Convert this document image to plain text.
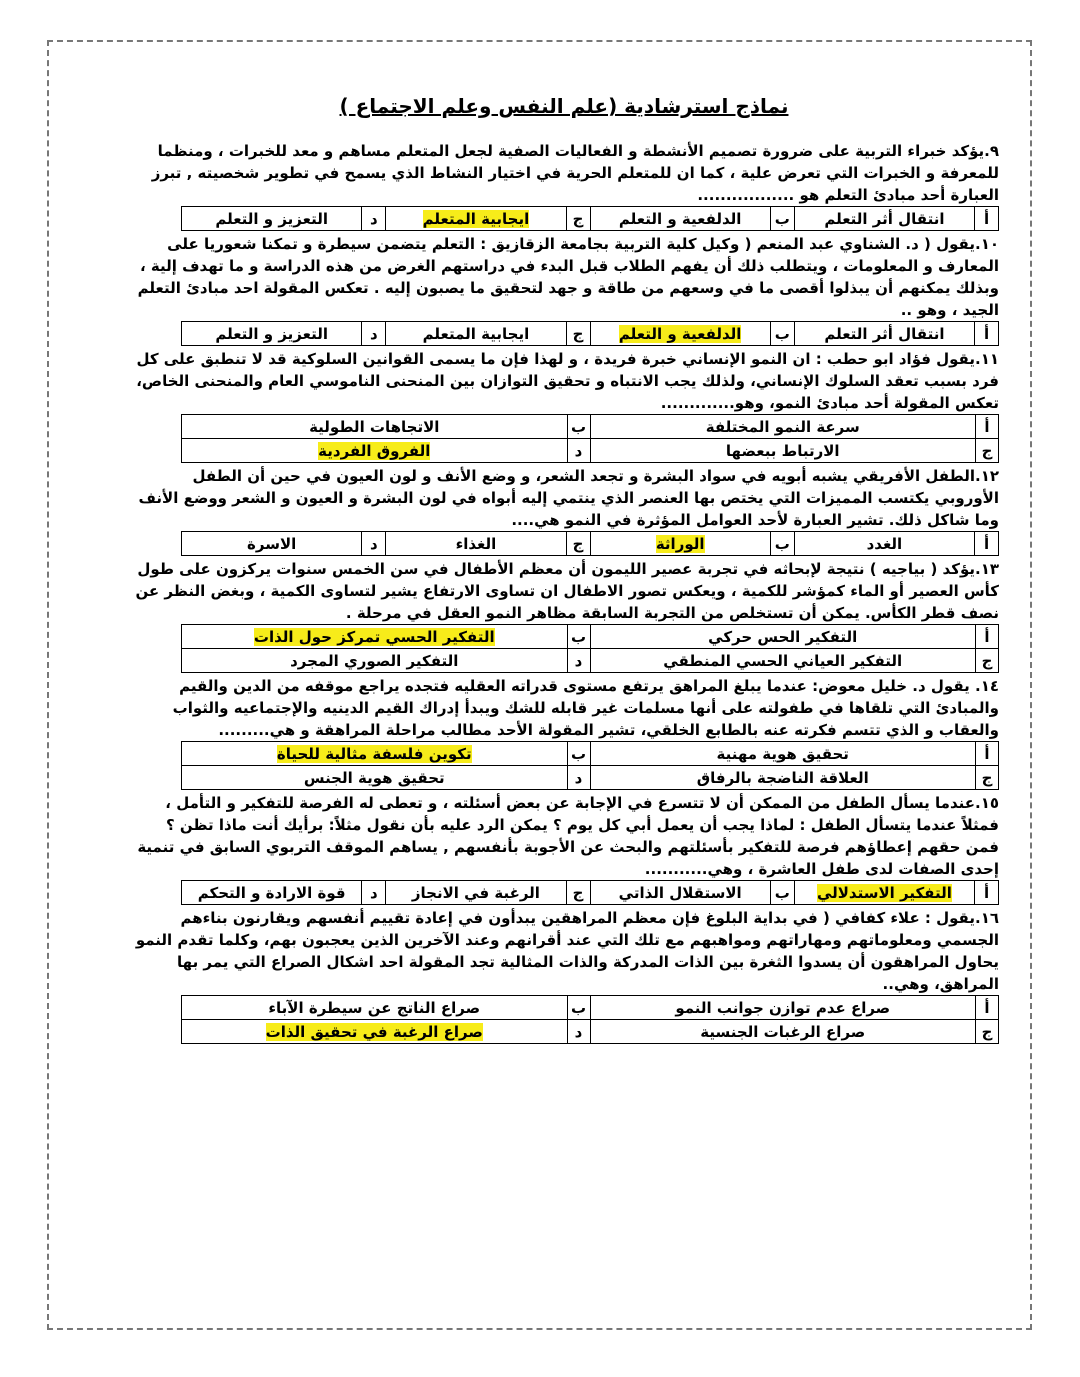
نماذج استرشادية (علم النفس وعلم الاجتماع )

٩.يؤكد خبراء التربية على ضرورة تصميم الأنشطة و الفعاليات الصفية لجعل المتعلم مساهم و معد للخبرات ، ومنظما للمعرفة و الخبرات التي تعرض علية ، كما ان للمتعلم الحرية في اختيار النشاط الذي يسمح في تطوير شخصيته , تبرز العبارة أحد مبادئ التعلم هو .................

أ	انتقال أثر التعلم	ب	الدلفعية و التعلم	ج	ايجابية المتعلم	د	التعزيز و التعلم

١٠.يقول ( د. الشناوي عبد المنعم ( وكيل كلية التربية بجامعة الزقازيق : التعلم يتضمن سيطرة و تمكنا شعوريا على المعارف و المعلومات ، ويتطلب ذلك أن يفهم الطلاب قبل البدء في دراستهم الغرض من هذه الدراسة و ما تهدف إلية ، وبذلك يمكنهم أن يبذلوا أقصى ما في وسعهم من طاقة و جهد لتحقيق ما يصبون إليه . تعكس المقولة احد مبادئ التعلم الجيد ، وهو ..

أ	انتقال أثر التعلم	ب	الدلفعية و التعلم	ج	ايجابية المتعلم	د	التعزيز و التعلم

١١.يقول فؤاد ابو حطب : ان النمو الإنساني خبرة فريدة ، و لهذا فإن ما يسمى القوانين السلوكية قد لا تنطبق على كل فرد بسبب تعقد السلوك الإنساني، ولذلك يجب الانتباه و تحقيق التوازان بين المنحنى الناموسي العام والمنحنى الخاص، تعكس المقولة أحد مبادئ النمو، وهو.............

أ	سرعة النمو المختلفة	ب	الاتجاهات الطولية
ج	الارتباط ببعضها	د	الفروق الفردية

١٢.الطفل الأفريقي يشبه أبويه في سواد البشرة و تجعد الشعر، و وضع الأنف و لون العيون في حين أن الطفل الأوروبي يكتسب المميزات التي يختص بها العنصر الذي ينتمي إليه أبواه في لون البشرة و العيون و الشعر ووضع الأنف وما شاكل ذلك. تشير العبارة لأحد العوامل المؤثرة في النمو هي....

أ	الغدد	ب	الوراثة	ج	الغذاء	د	الاسرة

١٣.يؤكد ( بياجيه ) نتيجة لإبحاثه في تجربة عصير الليمون أن معظم الأطفال في سن الخمس سنوات يركزون على طول كأس العصير أو الماء كمؤشر للكمية ، ويعكس تصور الاطفال ان تساوى الارتفاع يشير لتساوى الكمية ، وبغض النظر عن نصف قطر الكأس. يمكن أن تستخلص من التجربة السابقة مظاهر النمو العقل في مرحلة .

أ	التفكير الحس حركي	ب	التفكير الحسي تمركز حول الذات
ج	التفكير العياني الحسي المنطقي	د	التفكير الصوري المجرد

١٤. يقول د. خليل معوض: عندما يبلغ المراهق يرتفع مستوى قدراته العقليه فتجده يراجع موقفه من الدين والقيم والمبادئ التي تلقاها في طفولته على أنها مسلمات غير قابله للشك ويبدأ إدراك القيم الدينيه والإجتماعيه والثواب والعقاب و الذي تتسم فكرته عنه بالطابع الخلقي، تشير المقولة الأحد مطالب مراحلة المراهقة و هي.........

أ	تحقيق هوية مهنية	ب	تكوين فلسفة مثالية للحياة
ج	العلاقة الناضجة بالرفاق	د	تحقيق هوية الجنس

١٥.عندما يسأل الطفل من الممكن أن لا تتسرع في الإجابة عن بعض أسئلته ، و تعطى له الفرصة للتفكير و التأمل ، فمثلاً عندما يتسأل الطفل : لماذا يجب أن يعمل أبي كل يوم ؟ يمكن الرد عليه بأن نقول مثلاً: برأيك أنت ماذا تظن ؟ فمن حقهم إعطاؤهم فرصة للتفكير بأسئلتهم والبحث عن الأجوبة بأنفسهم , يساهم الموقف التربوي السابق في تنمية إحدى الصفات لدى طفل العاشرة ، وهي...........

أ	التفكير الاستدلالي	ب	الاستقلال الذاتي	ج	الرغبة في الانجاز	د	قوة الارادة و التحكم

١٦.يقول : علاء كفافي ( في بداية البلوغ فإن معظم المراهقين يبدأون في إعادة تقييم أنفسهم ويقارنون بناءهم الجسمي ومعلوماتهم ومهاراتهم ومواهبهم مع تلك التي عند أقرانهم وعند الآخرين الذين يعجبون بهم، وكلما تقدم النمو يحاول المراهقون أن يسدوا الثغرة بين الذات المدركة والذات المثالية تجد المقولة احد اشكال الصراع التي يمر بها المراهق، وهي..

أ	صراع عدم توازن جوانب النمو	ب	صراع الناتج عن سيطرة الآباء
ج	صراع الرغبات الجنسية	د	صراع الرغبة في تحقيق الذات
